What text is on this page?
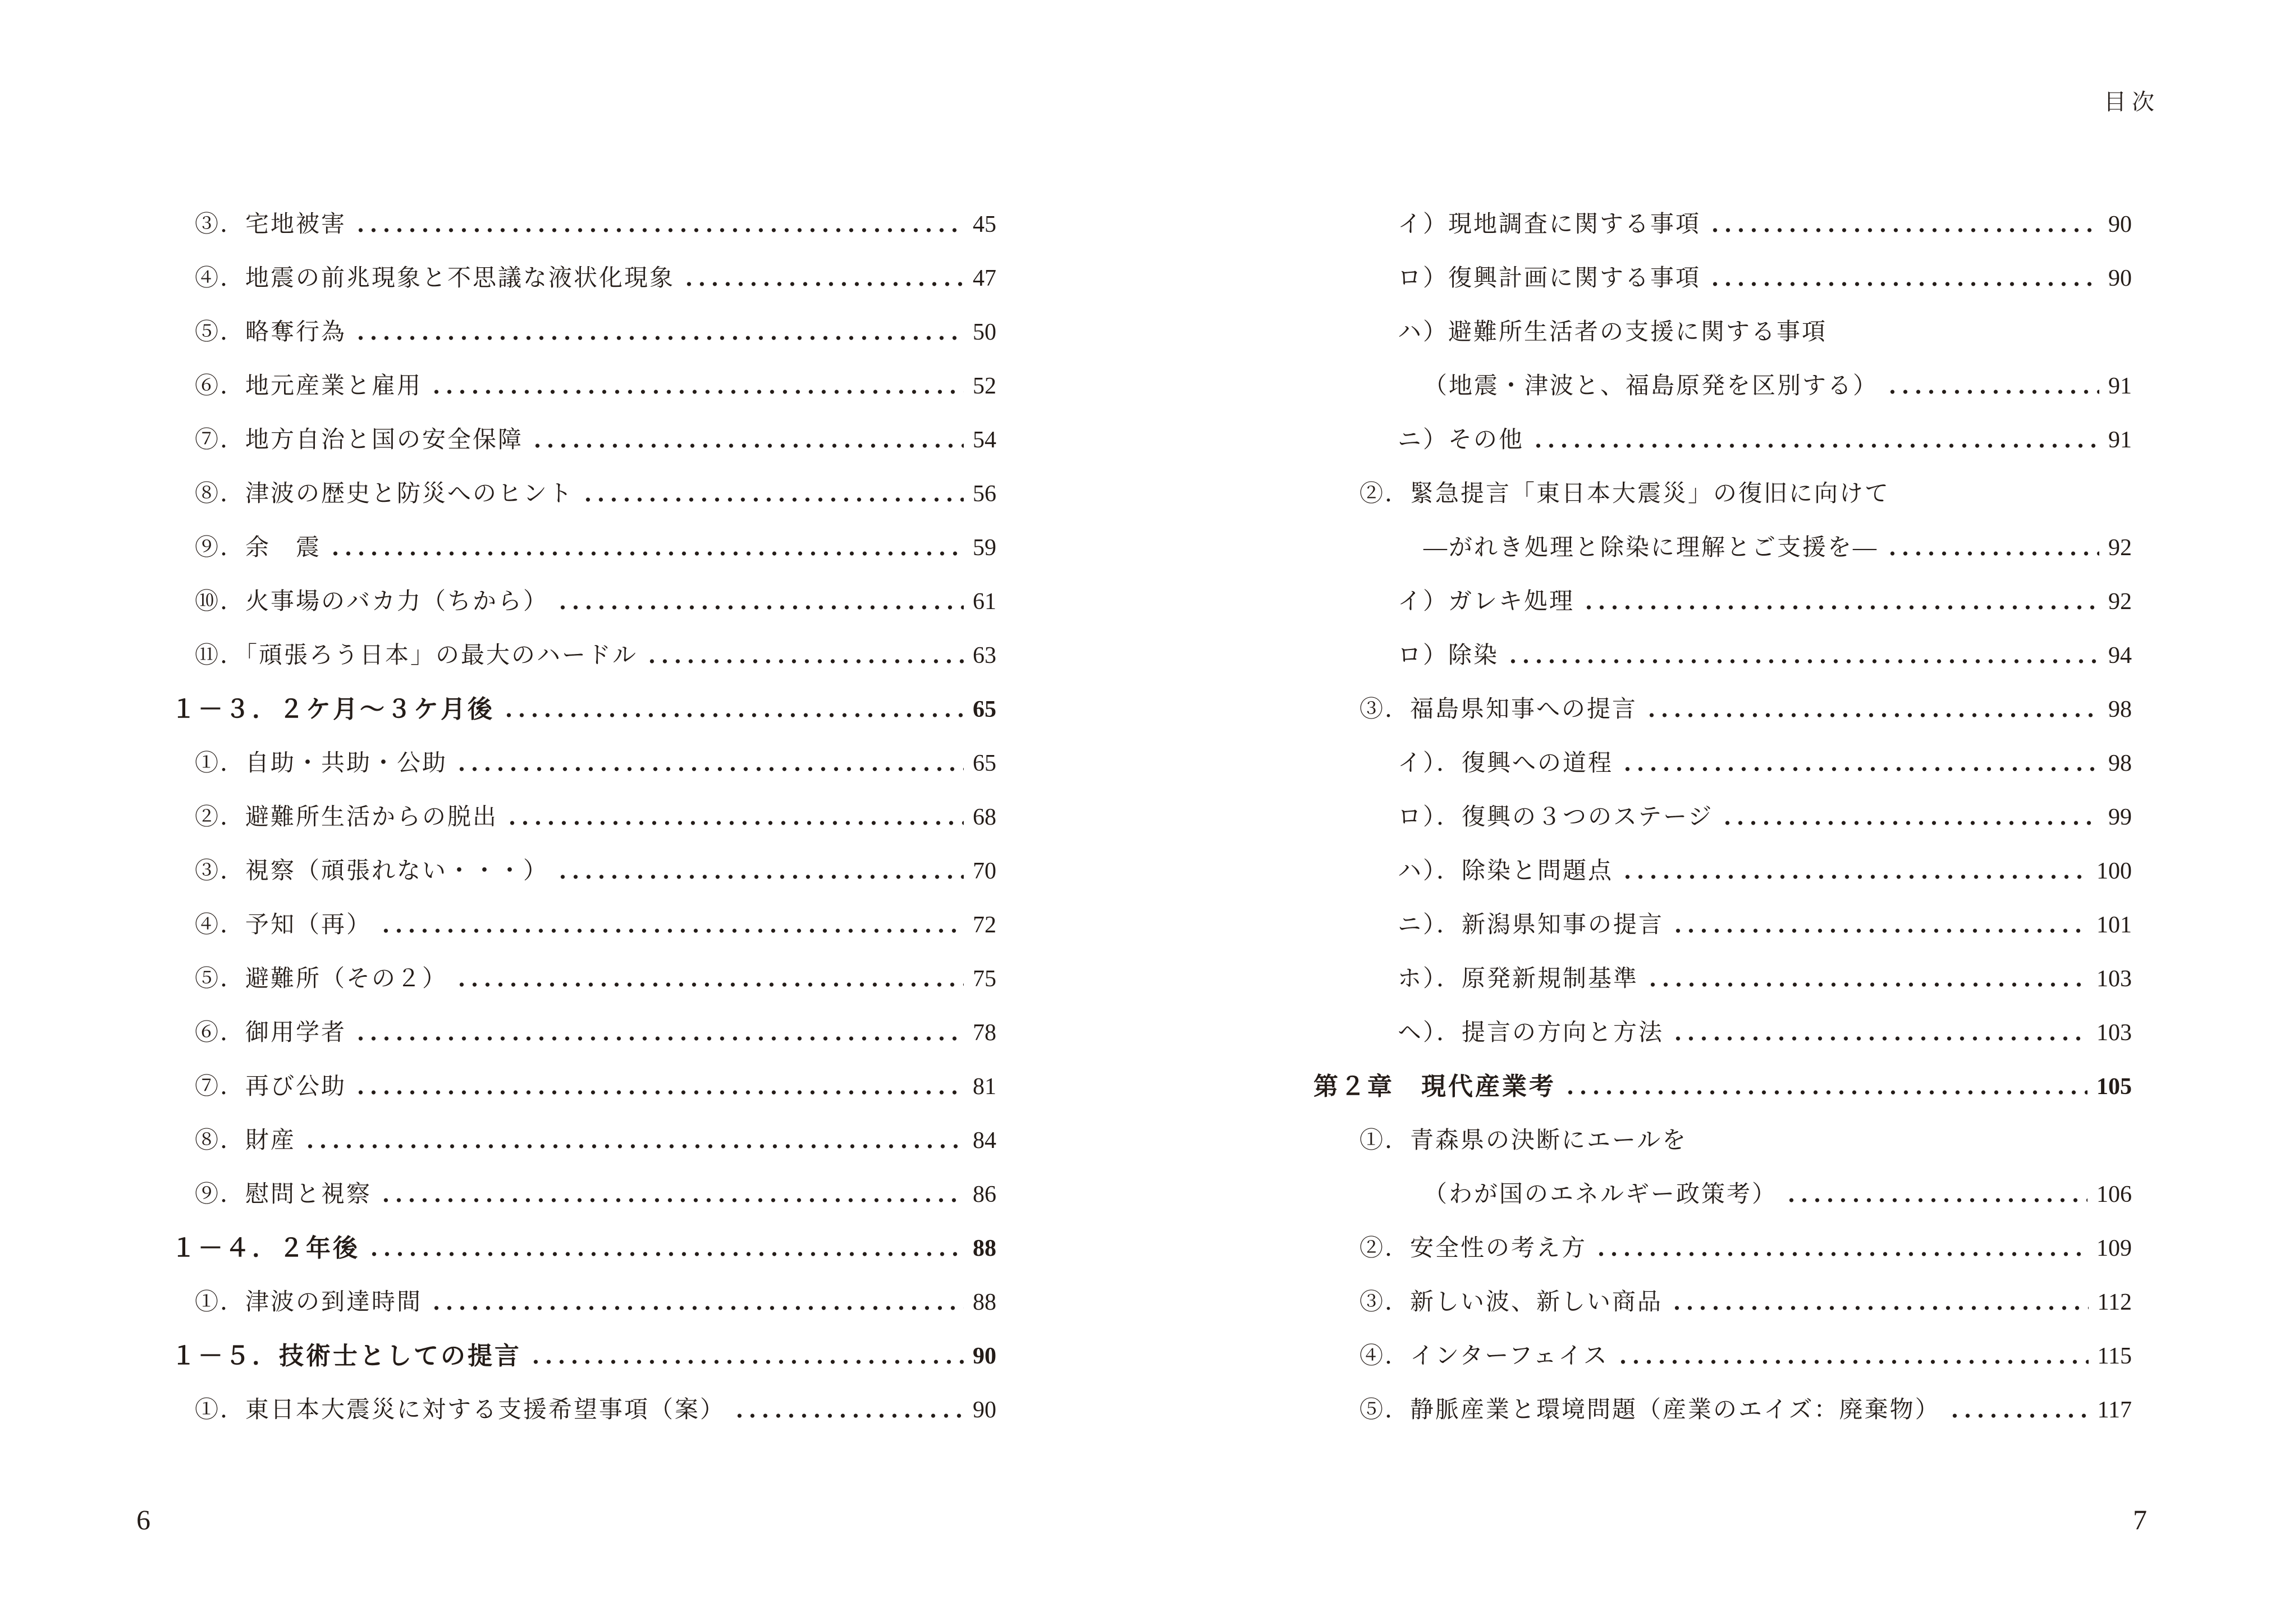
目次
③．宅地被害	45
④．地震の前兆現象と不思議な液状化現象	47
⑤．略奪行為	50
⑥．地元産業と雇用	52
⑦．地方自治と国の安全保障	54
⑧．津波の歴史と防災へのヒント	56
⑨．余　震	59
⑩．火事場のバカ力（ちから）	61
⑪．「頑張ろう日本」の最大のハードル	63
１－３．２ケ月～３ケ月後	65
①．自助・共助・公助	65
②．避難所生活からの脱出	68
③．視察（頑張れない・・・）	70
④．予知（再）	72
⑤．避難所（その２）	75
⑥．御用学者	78
⑦．再び公助	81
⑧．財産	84
⑨．慰問と視察	86
１－４．２年後	88
①．津波の到達時間	88
１－５．技術士としての提言	90
①．東日本大震災に対する支援希望事項（案）	90
イ）現地調査に関する事項	90
ロ）復興計画に関する事項	90
ハ）避難所生活者の支援に関する事項
（地震・津波と、福島原発を区別する）	91
ニ）その他	91
②．緊急提言「東日本大震災」の復旧に向けて
―がれき処理と除染に理解とご支援を―	92
イ）ガレキ処理	92
ロ）除染	94
③．福島県知事への提言	98
イ）．復興への道程	98
ロ）．復興の３つのステージ	99
ハ）．除染と問題点	100
ニ）．新潟県知事の提言	101
ホ）．原発新規制基準	103
ヘ）．提言の方向と方法	103
第２章　現代産業考	105
①．青森県の決断にエールを
（わが国のエネルギー政策考）	106
②．安全性の考え方	109
③．新しい波、新しい商品	112
④．インターフェイス	115
⑤．静脈産業と環境問題（産業のエイズ：廃棄物）	117
6	7
